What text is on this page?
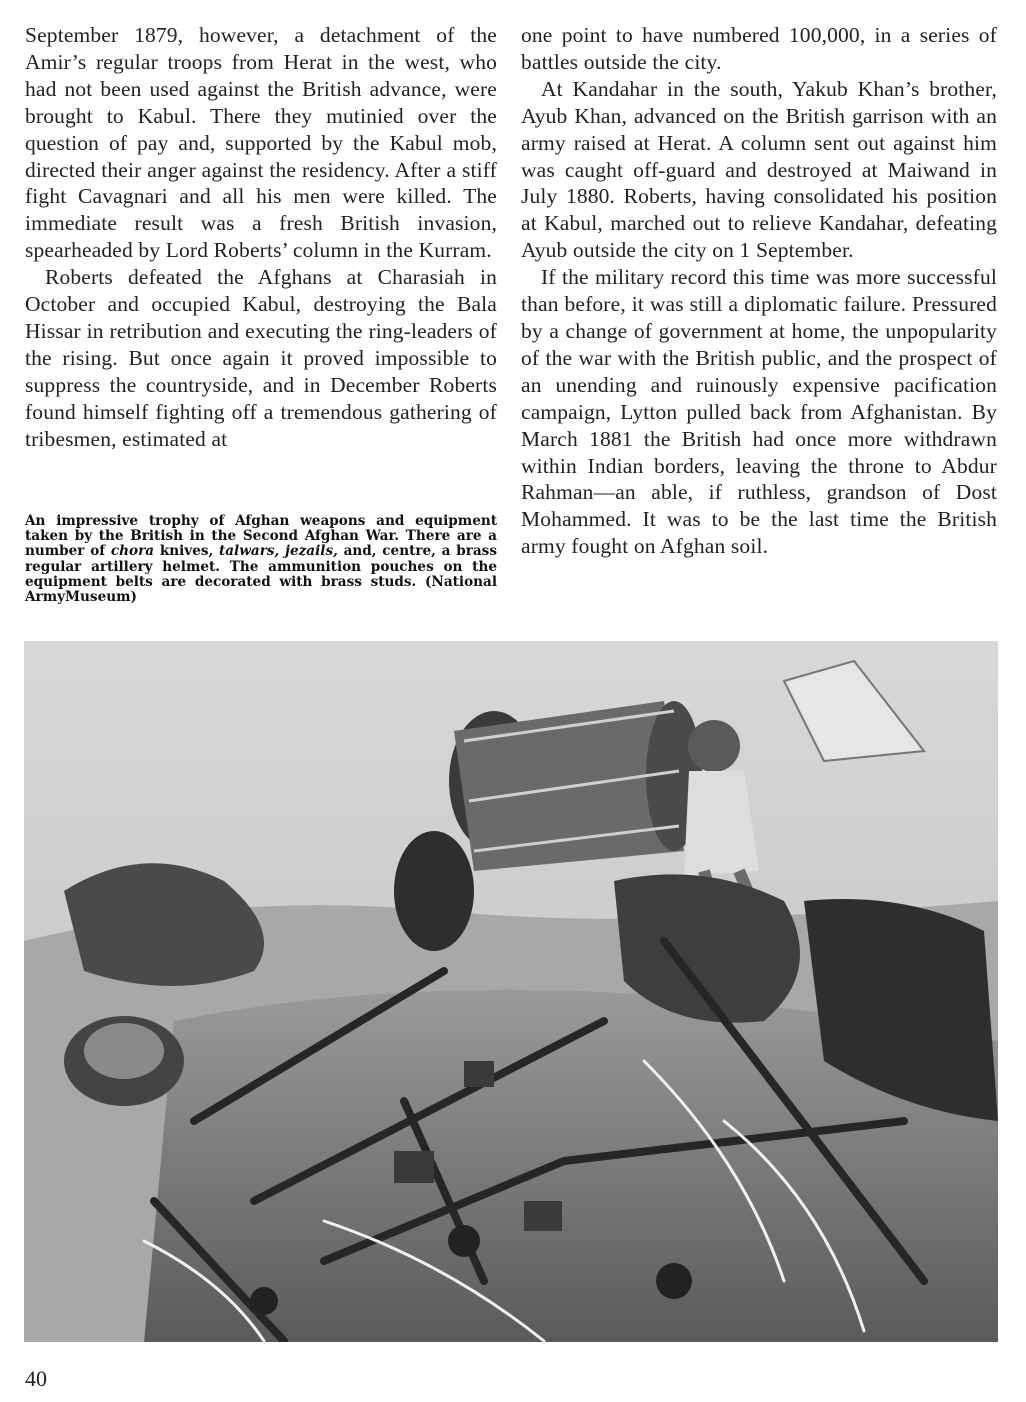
September 1879, however, a detachment of the Amir’s regular troops from Herat in the west, who had not been used against the British advance, were brought to Kabul. There they mutinied over the question of pay and, supported by the Kabul mob, directed their anger against the residency. After a stiff fight Cavagnari and all his men were killed. The immediate result was a fresh British invasion, spearheaded by Lord Roberts’ column in the Kurram.

Roberts defeated the Afghans at Charasiah in October and occupied Kabul, destroying the Bala Hissar in retribution and executing the ring-leaders of the rising. But once again it proved impossible to suppress the countryside, and in December Roberts found himself fighting off a tremendous gathering of tribesmen, estimated at

one point to have numbered 100,000, in a series of battles outside the city.

At Kandahar in the south, Yakub Khan’s brother, Ayub Khan, advanced on the British garrison with an army raised at Herat. A column sent out against him was caught off-guard and destroyed at Maiwand in July 1880. Roberts, having consolidated his position at Kabul, marched out to relieve Kandahar, defeating Ayub outside the city on 1 September.

If the military record this time was more successful than before, it was still a diplomatic failure. Pressured by a change of government at home, the unpopularity of the war with the British public, and the prospect of an unending and ruinously expensive pacification campaign, Lytton pulled back from Afghanistan. By March 1881 the British had once more withdrawn within Indian borders, leaving the throne to Abdur Rahman—an able, if ruthless, grandson of Dost Mohammed. It was to be the last time the British army fought on Afghan soil.

An impressive trophy of Afghan weapons and equipment taken by the British in the Second Afghan War. There are a number of chora knives, talwars, jezails, and, centre, a brass regular artillery helmet. The ammunition pouches on the equipment belts are decorated with brass studs. (National ArmyMuseum)
40
